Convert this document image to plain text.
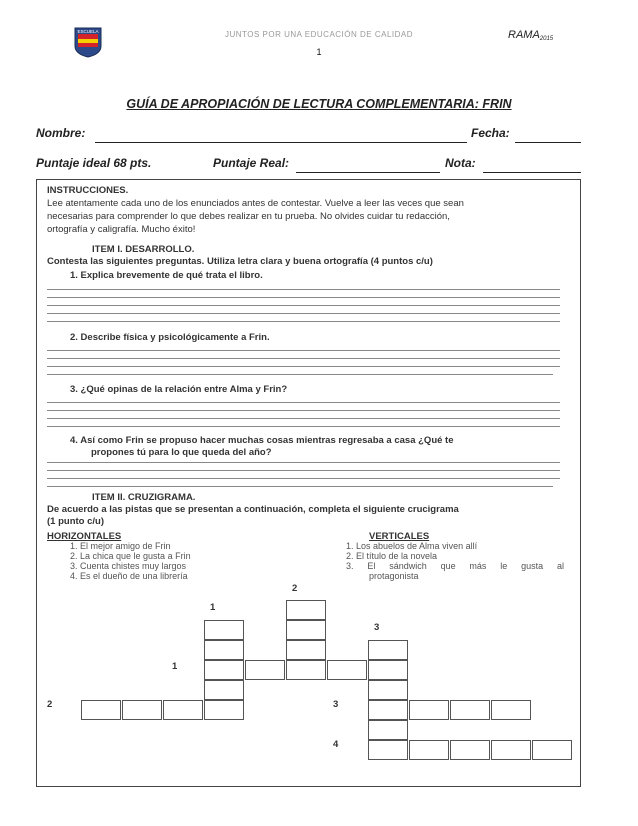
ESCUELA	JUNTOS POR UNA EDUCACIÓN DE CALIDAD
1
$RAMA_{2015}$
GUÍA DE APROPIACIÓN DE LECTURA COMPLEMENTARIA: FRIN
Nombre:	Fecha:
Puntaje ideal 68 pts.	Puntaje Real:	Nota:
INSTRUCCIONES.
Lee atentamente cada uno de los enunciados antes de contestar. Vuelve a leer las veces que sean
necesarias para comprender lo que debes realizar en tu prueba. No olvides cuidar tu redacción,
ortografía y caligrafía. Mucho éxito!
ITEM I. DESARROLLO.
Contesta las siguientes preguntas. Utiliza letra clara y buena ortografía (4 puntos c/u)
1. Explica brevemente de qué trata el libro.
2. Describe física y psicológicamente a Frin.
3. ¿Qué opinas de la relación entre Alma y Frin?
4. Así como Frin se propuso hacer muchas cosas mientras regresaba a casa ¿Qué te
propones tú para lo que queda del año?
ITEM II. CRUZIGRAMA.
De acuerdo a las pistas que se presentan a continuación, completa el siguiente crucigrama
(1 punto c/u)
HORIZONTALES
1. El mejor amigo de Frin
2. La chica que le gusta a Frin
3. Cuenta chistes muy largos
4. Es el dueño de una librería
VERTICALES
1. Los abuelos de Alma viven allí
2. El título de la novela
3. El sándwich que más le gusta al
protagonista
2
1
3
1
2	3
4
